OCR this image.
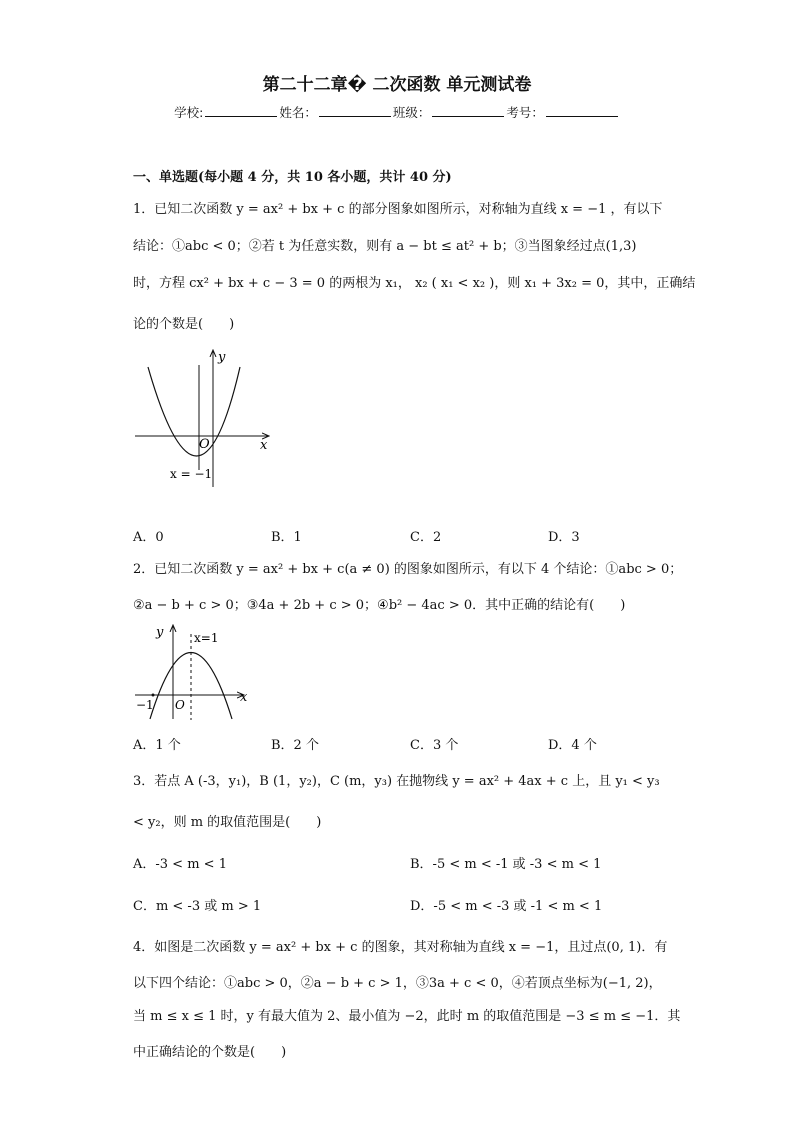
第二十二章� 二次函数 单元测试卷
学校:	姓名：	班级：	考号：
一、单选题(每小题 4 分，共 10 各小题，共计 40 分)
1．已知二次函数 y = ax² + bx + c 的部分图象如图所示，对称轴为直线 x = −1 ，有以下
结论：①abc < 0；②若 t 为任意实数，则有 a − bt ≤ at² + b；③当图象经过点(1,3)
时，方程 cx² + bx + c − 3 = 0 的两根为 x₁， x₂ ( x₁ < x₂ )，则 x₁ + 3x₂ = 0，其中，正确结
论的个数是(　　)
y
x
O
x = −1
A．0	B．1	C．2	D．3
2．已知二次函数 y = ax² + bx + c(a ≠ 0) 的图象如图所示，有以下 4 个结论：①abc > 0；
②a − b + c > 0；③4a + 2b + c > 0；④b² − 4ac > 0．其中正确的结论有(　　)
y
x
O
x=1
−1
A．1 个	B．2 个	C．3 个	D．4 个
3．若点 A (-3，y₁)，B (1，y₂)，C (m，y₃) 在抛物线 y = ax² + 4ax + c 上，且 y₁ < y₃
< y₂，则 m 的取值范围是(　　)
A．-3 < m < 1	B．-5 < m < -1 或 -3 < m < 1
C．m < -3 或 m > 1	D．-5 < m < -3 或 -1 < m < 1
4．如图是二次函数 y = ax² + bx + c 的图象，其对称轴为直线 x = −1，且过点(0, 1)．有
以下四个结论：①abc > 0，②a − b + c > 1，③3a + c < 0，④若顶点坐标为(−1, 2)，
当 m ≤ x ≤ 1 时，y 有最大值为 2、最小值为 −2，此时 m 的取值范围是 −3 ≤ m ≤ −1．其
中正确结论的个数是(　　)
